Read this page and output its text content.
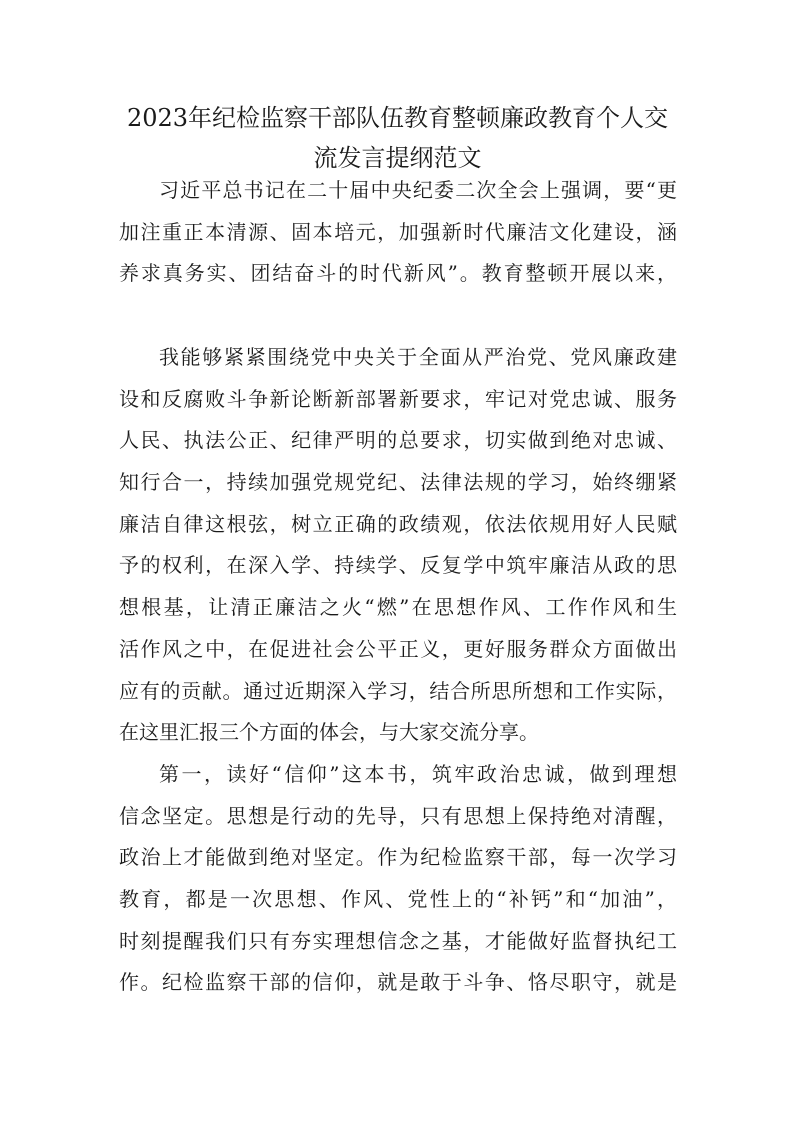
2023年纪检监察干部队伍教育整顿廉政教育个人交
流发言提纲范文
习近平总书记在二十届中央纪委二次全会上强调，要“更
加注重正本清源、固本培元，加强新时代廉洁文化建设，涵
养求真务实、团结奋斗的时代新风”。教育整顿开展以来，
我能够紧紧围绕党中央关于全面从严治党、党风廉政建
设和反腐败斗争新论断新部署新要求，牢记对党忠诚、服务
人民、执法公正、纪律严明的总要求，切实做到绝对忠诚、
知行合一，持续加强党规党纪、法律法规的学习，始终绷紧
廉洁自律这根弦，树立正确的政绩观，依法依规用好人民赋
予的权利，在深入学、持续学、反复学中筑牢廉洁从政的思
想根基，让清正廉洁之火“燃”在思想作风、工作作风和生
活作风之中，在促进社会公平正义，更好服务群众方面做出
应有的贡献。通过近期深入学习，结合所思所想和工作实际，
在这里汇报三个方面的体会，与大家交流分享。
第一，读好“信仰”这本书，筑牢政治忠诚，做到理想
信念坚定。思想是行动的先导，只有思想上保持绝对清醒，
政治上才能做到绝对坚定。作为纪检监察干部，每一次学习
教育，都是一次思想、作风、党性上的“补钙”和“加油”，
时刻提醒我们只有夯实理想信念之基，才能做好监督执纪工
作。纪检监察干部的信仰，就是敢于斗争、恪尽职守，就是
